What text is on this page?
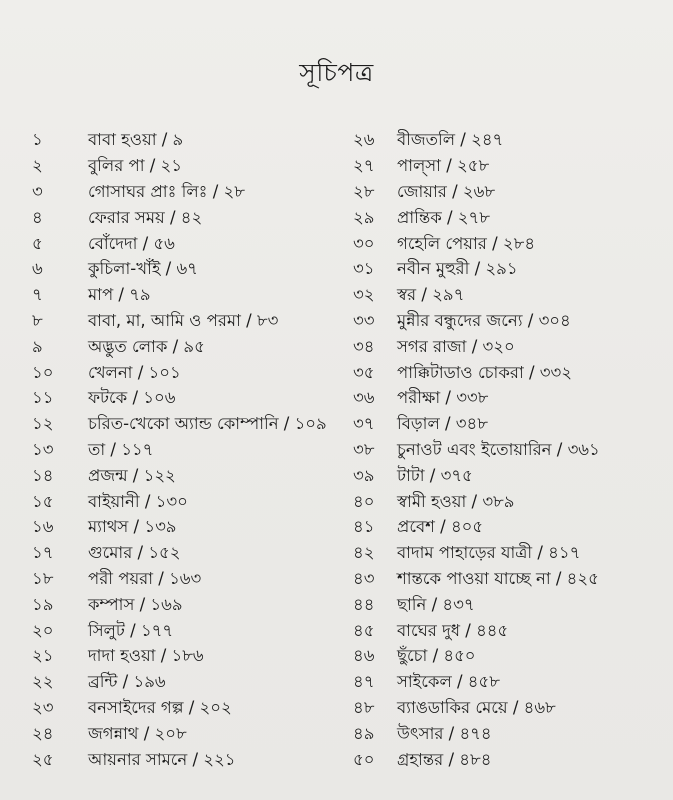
সূচিপত্র
১	বাবা হওয়া / ৯
২	বুলির পা / ২১
৩	গোসাঘর প্রাঃ লিঃ / ২৮
৪	ফেরার সময় / ৪২
৫	বোঁদেদা / ৫৬
৬	কুচিলা-খাঁই / ৬৭
৭	মাপ / ৭৯
৮	বাবা, মা, আমি ও পরমা / ৮৩
৯	অদ্ভুত লোক / ৯৫
১০	খেলনা / ১০১
১১	ফটকে / ১০৬
১২	চরিত-খেকো অ্যান্ড কোম্পানি / ১০৯
১৩	তা / ১১৭
১৪	প্রজন্ম / ১২২
১৫	বাইয়ানী / ১৩০
১৬	ম্যাথস / ১৩৯
১৭	গুমোর / ১৫২
১৮	পরী পয়রা / ১৬৩
১৯	কম্পাস / ১৬৯
২০	সিলুট / ১৭৭
২১	দাদা হওয়া / ১৮৬
২২	ব্রন্টি / ১৯৬
২৩	বনসাইদের গল্প / ২০২
২৪	জগন্নাথ / ২০৮
২৫	আয়নার সামনে / ২২১
২৬	বীজতলি / ২৪৭
২৭	পাল্সা / ২৫৮
২৮	জোয়ার / ২৬৮
২৯	প্রান্তিক / ২৭৮
৩০	গহেলি পেয়ার / ২৮৪
৩১	নবীন মুহুরী / ২৯১
৩২	স্বর / ২৯৭
৩৩	মুন্নীর বন্ধুদের জন্যে / ৩০৪
৩৪	সগর রাজা / ৩২০
৩৫	পাক্কিটাডাও চোকরা / ৩৩২
৩৬	পরীক্ষা / ৩৩৮
৩৭	বিড়াল / ৩৪৮
৩৮	চুনাওট এবং ইতোয়ারিন / ৩৬১
৩৯	টাটা / ৩৭৫
৪০	স্বামী হওয়া / ৩৮৯
৪১	প্রবেশ / ৪০৫
৪২	বাদাম পাহাড়ের যাত্রী / ৪১৭
৪৩	শান্তকে পাওয়া যাচ্ছে না / ৪২৫
৪৪	ছানি / ৪৩৭
৪৫	বাঘের দুধ / ৪৪৫
৪৬	ছুঁচো / ৪৫০
৪৭	সাইকেল / ৪৫৮
৪৮	ব্যাঙডাকির মেয়ে / ৪৬৮
৪৯	উৎসার / ৪৭৪
৫০	গ্রহান্তর / ৪৮৪
